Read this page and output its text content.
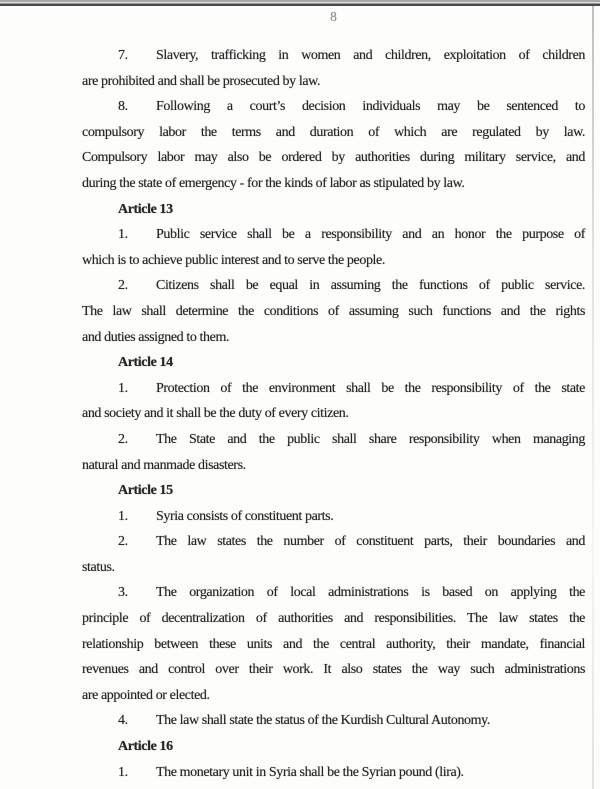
8
7. Slavery, trafficking in women and children, exploitation of children
are prohibited and shall be prosecuted by law.
8. Following a court’s decision individuals may be sentenced to
compulsory labor the terms and duration of which are regulated by law.
Compulsory labor may also be ordered by authorities during military service, and
during the state of emergency - for the kinds of labor as stipulated by law.
Article 13
1. Public service shall be a responsibility and an honor the purpose of
which is to achieve public interest and to serve the people.
2. Citizens shall be equal in assuming the functions of public service.
The law shall determine the conditions of assuming such functions and the rights
and duties assigned to them.
Article 14
1. Protection of the environment shall be the responsibility of the state
and society and it shall be the duty of every citizen.
2. The State and the public shall share responsibility when managing
natural and manmade disasters.
Article 15
1. Syria consists of constituent parts.
2. The law states the number of constituent parts, their boundaries and
status.
3. The organization of local administrations is based on applying the
principle of decentralization of authorities and responsibilities. The law states the
relationship between these units and the central authority, their mandate, financial
revenues and control over their work. It also states the way such administrations
are appointed or elected.
4. The law shall state the status of the Kurdish Cultural Autonomy.
Article 16
1. The monetary unit in Syria shall be the Syrian pound (lira).
